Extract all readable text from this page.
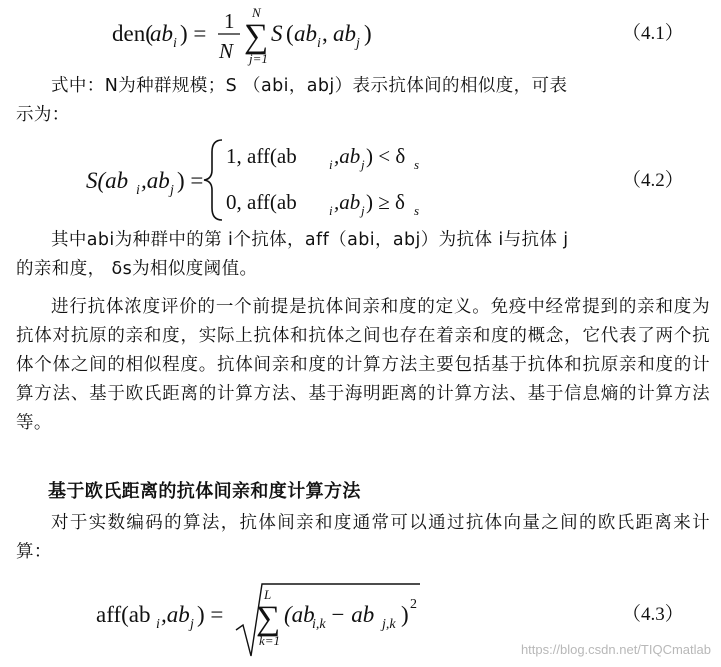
den(
ab i ) = 1
N
N
∑
j=1
S ( ab i , ab j )	（4.1）
式中：N为种群规模；S （abi，abj）表示抗体间的相似度，可表
示为：
S(ab i ,ab j ) =
1, aff(ab i ,ab j ) < δ s
0, aff(ab i ,ab j ) ≥ δ s
（4.2）
其中abi为种群中的第 i个抗体，aff（abi，abj）为抗体 i与抗体 j
的亲和度， δs为相似度阈值。
进行抗体浓度评价的一个前提是抗体间亲和度的定义。免疫中经常提到的亲和度为抗体对抗原的亲和度，实际上抗体和抗体之间也存在着亲和度的概念，它代表了两个抗体个体之间的相似程度。抗体间亲和度的计算方法主要包括基于抗体和抗原亲和度的计算方法、基于欧氏距离的计算方法、基于海明距离的计算方法、基于信息熵的计算方法等。
基于欧氏距离的抗体间亲和度计算方法
对于实数编码的算法，抗体间亲和度通常可以通过抗体向量之间的欧氏距离来计算：
aff(ab i ,ab j ) =
L
∑
k=1
(ab
i,k − ab j,k ) 2	（4.3）
https://blog.csdn.net/TIQCmatlab
